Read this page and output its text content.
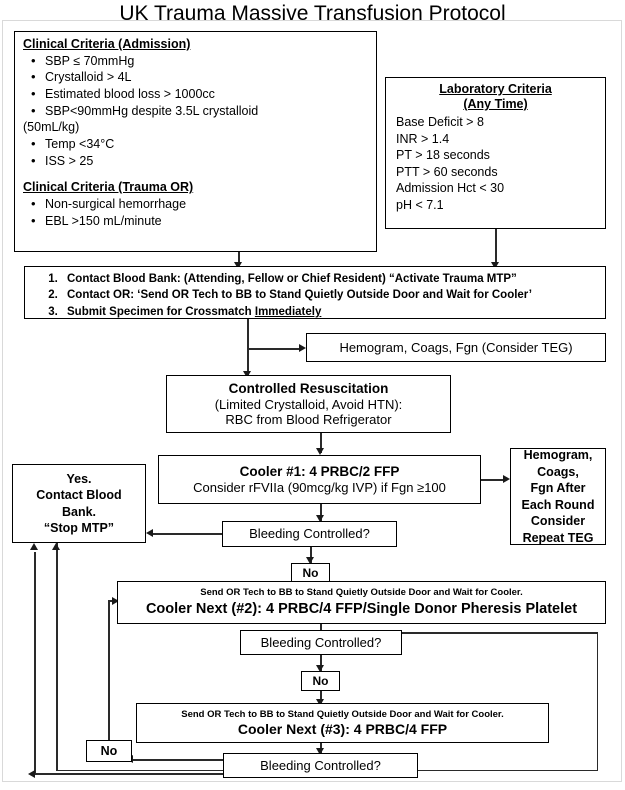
UK Trauma Massive Transfusion Protocol
Clinical Criteria (Admission)
• SBP ≤ 70mmHg
• Crystalloid > 4L
• Estimated blood loss > 1000cc
• SBP<90mmHg despite 3.5L crystalloid
(50mL/kg)
• Temp <34°C
• ISS > 25
Clinical Criteria (Trauma OR)
• Non-surgical hemorrhage
• EBL >150 mL/minute
Laboratory Criteria
(Any Time)
Base Deficit > 8
INR > 1.4
PT > 18 seconds
PTT > 60 seconds
Admission Hct < 30
pH < 7.1
1. Contact Blood Bank: (Attending, Fellow or Chief Resident) “Activate Trauma MTP”
2. Contact OR: ‘Send OR Tech to BB to Stand Quietly Outside Door and Wait for Cooler’
3. Submit Specimen for Crossmatch Immediately
Hemogram, Coags, Fgn (Consider TEG)
Controlled Resuscitation
(Limited Crystalloid, Avoid HTN):
RBC from Blood Refrigerator
Cooler #1: 4 PRBC/2 FFP
Consider rFVIIa (90mcg/kg IVP) if Fgn ≥100
Hemogram,
Coags,
Fgn After
Each Round
Consider
Repeat TEG
Yes.
Contact Blood
Bank.
“Stop MTP”	Bleeding Controlled?
No
Send OR Tech to BB to Stand Quietly Outside Door and Wait for Cooler.
Cooler Next (#2): 4 PRBC/4 FFP/Single Donor Pheresis Platelet
Bleeding Controlled?
No
Send OR Tech to BB to Stand Quietly Outside Door and Wait for Cooler.
Cooler Next (#3): 4 PRBC/4 FFP
Bleeding Controlled?
No
